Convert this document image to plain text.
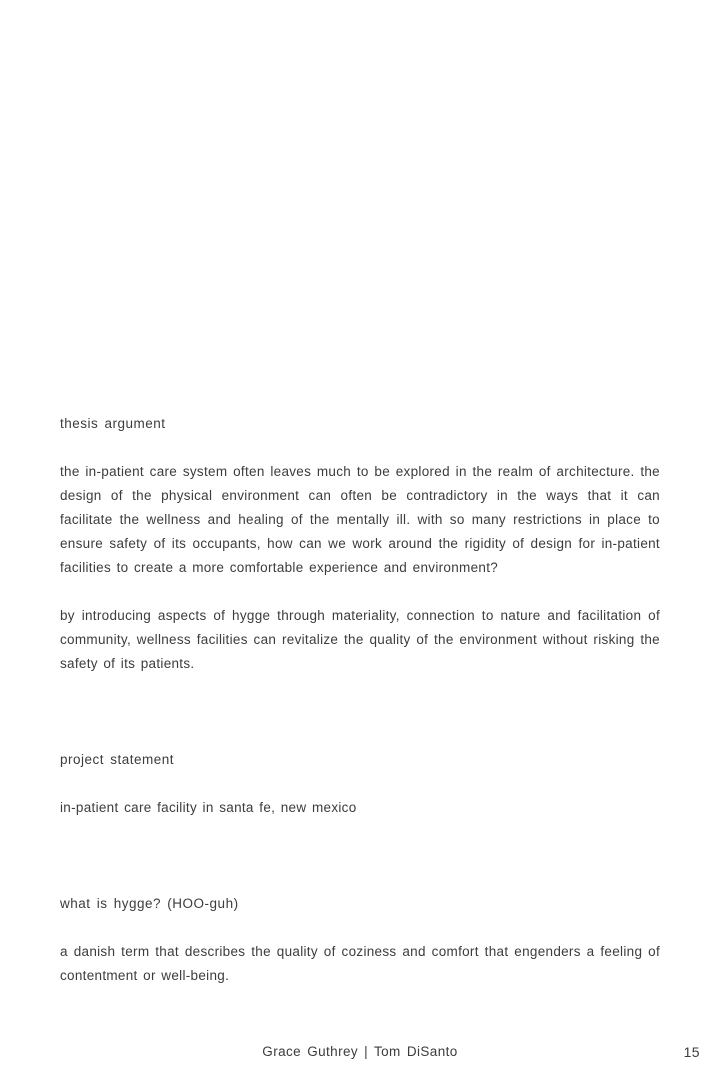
thesis argument

the in-patient care system often leaves much to be explored in the realm of architecture. the design of the physical environment can often be contradictory in the ways that it can facilitate the wellness and healing of the mentally ill. with so many restrictions in place to ensure safety of its occupants, how can we work around the rigidity of design for in-patient facilities to create a more comfortable experience and environment?

by introducing aspects of hygge through materiality, connection to nature and facilitation of community, wellness facilities can revitalize the quality of the environment without risking the safety of its patients.

project statement

in-patient care facility in santa fe, new mexico

what is hygge? (HOO-guh)

a danish term that describes the quality of coziness and comfort that engenders a feeling of contentment or well-being.

Grace Guthrey | Tom DiSanto	15
